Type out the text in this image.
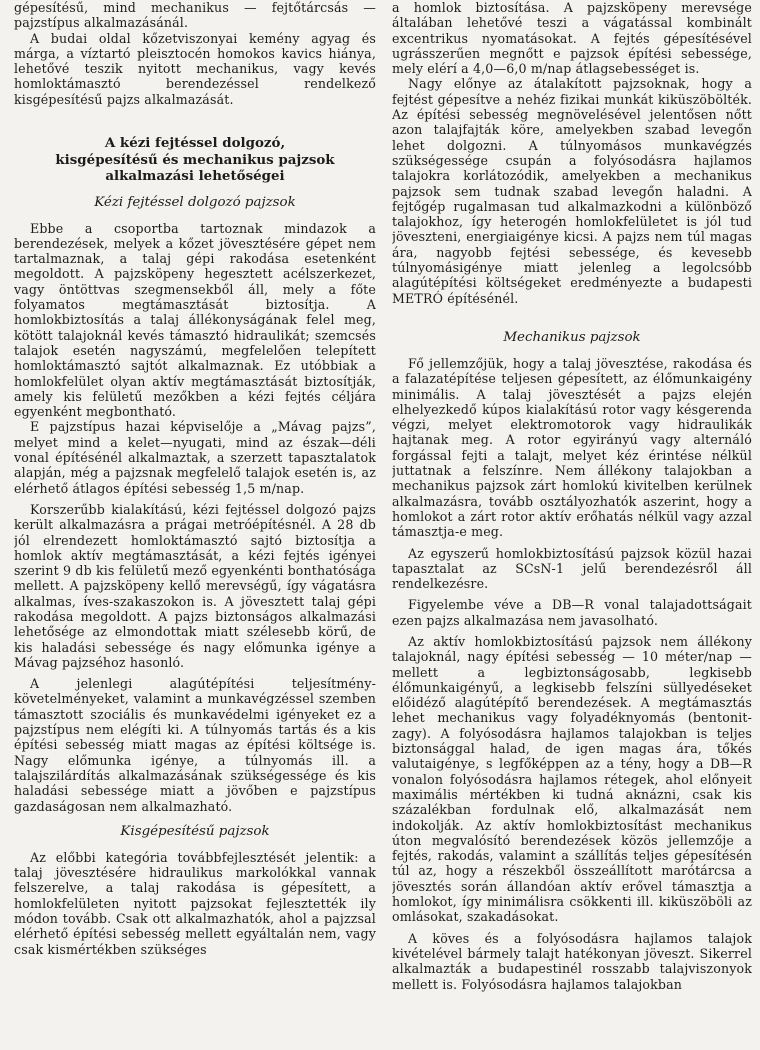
gépesítésű, mind mechanikus — fejtőtárcsás — pajzstípus alkalmazásánál.

A budai oldal kőzetviszonyai kemény agyag és márga, a víztartó pleisztocén homokos kavics hiánya, lehetővé teszik nyitott mechanikus, vagy kevés homloktámasztó berendezéssel rendelkező kisgépesítésű pajzs alkalmazását.

A kézi fejtéssel dolgozó,
kisgépesítésű és mechanikus pajzsok
alkalmazási lehetőségei
Kézi fejtéssel dolgozó pajzsok

Ebbe a csoportba tartoznak mindazok a berendezések, melyek a kőzet jövesztésére gépet nem tartalmaznak, a talaj gépi rakodása esetenként megoldott. A pajzsköpeny hegesztett acélszerkezet, vagy öntöttvas szegmensekből áll, mely a főte folyamatos megtámasztását biztosítja. A homlokbiztosítás a talaj állékonyságának felel meg, kötött talajoknál kevés támasztó hidraulikát; szemcsés talajok esetén nagyszámú, megfelelően telepített homloktámasztó sajtót alkalmaznak. Ez utóbbiak a homlokfelület olyan aktív megtámasztását biztosítják, amely kis felületű mezőkben a kézi fejtés céljára egyenként megbontható.

E pajzstípus hazai képviselője a „Mávag pajzs”, melyet mind a kelet—nyugati, mind az észak—déli vonal építésénél alkalmaztak, a szerzett tapasztalatok alapján, még a pajzsnak megfelelő talajok esetén is, az elérhető átlagos építési sebesség 1,5 m/nap.

Korszerűbb kialakítású, kézi fejtéssel dolgozó pajzs került alkalmazásra a prágai metróépítésnél. A 28 db jól elrendezett homloktámasztó sajtó biztosítja a homlok aktív megtámasztását, a kézi fejtés igényei szerint 9 db kis felületű mező egyenkénti bonthatósága mellett. A pajzsköpeny kellő merevségű, így vágatásra alkalmas, íves-szakaszokon is. A jövesztett talaj gépi rakodása megoldott. A pajzs biztonságos alkalmazási lehetősége az elmondottak miatt szélesebb körű, de kis haladási sebessége és nagy előmunka igénye a Mávag pajzséhoz hasonló.

A jelenlegi alagútépítési teljesítmény-követelményeket, valamint a munkavégzéssel szemben támasztott szociális és munkavédelmi igényeket ez a pajzstípus nem elégíti ki. A túlnyomás tartás és a kis építési sebesség miatt magas az építési költsége is. Nagy előmunka igénye, a túlnyomás ill. a talajszilárdítás alkalmazásának szükségessége és kis haladási sebessége miatt a jövőben e pajzstípus gazdaságosan nem alkalmazható.

Kisgépesítésű pajzsok

Az előbbi kategória továbbfejlesztését jelentik: a talaj jövesztésére hidraulikus markolókkal vannak felszerelve, a talaj rakodása is gépesített, a homlokfelületen nyitott pajzsokat fejlesztették ily módon tovább. Csak ott alkalmazhatók, ahol a pajzzsal elérhető építési sebesség mellett egyáltalán nem, vagy csak kismértékben szükséges

a homlok biztosítása. A pajzsköpeny merevsége általában lehetővé teszi a vágatással kombinált excentrikus nyomatásokat. A fejtés gépesítésével ugrásszerűen megnőtt e pajzsok építési sebessége, mely elérí a 4,0—6,0 m/nap átlagsebességet is.

Nagy előnye az átalakított pajzsoknak, hogy a fejtést gépesítve a nehéz fizikai munkát kiküszöbölték. Az építési sebesség megnövelésével jelentősen nőtt azon talajfajták köre, amelyekben szabad levegőn lehet dolgozni. A túlnyomásos munkavégzés szükségessége csupán a folyósodásra hajlamos talajokra korlátozódik, amelyekben a mechanikus pajzsok sem tudnak szabad levegőn haladni. A fejtőgép rugalmasan tud alkalmazkodni a különböző talajokhoz, így heterogén homlokfelületet is jól tud jöveszteni, energiaigénye kicsi. A pajzs nem túl magas ára, nagyobb fejtési sebessége, és kevesebb túlnyomásigénye miatt jelenleg a legolcsóbb alagútépítési költségeket eredményezte a budapesti METRÓ építésénél.

Mechanikus pajzsok

Fő jellemzőjük, hogy a talaj jövesztése, rakodása és a falazatépítése teljesen gépesített, az élőmunkaigény minimális. A talaj jövesztését a pajzs elején elhelyezkedő kúpos kialakítású rotor vagy késgerenda végzi, melyet elektromotorok vagy hidraulikák hajtanak meg. A rotor egyirányú vagy alternáló forgással fejti a talajt, melyet kéz érintése nélkül juttatnak a felszínre. Nem állékony talajokban a mechanikus pajzsok zárt homlokú kivitelben kerülnek alkalmazásra, tovább osztályozhatók aszerint, hogy a homlokot a zárt rotor aktív erőhatás nélkül vagy azzal támasztja-e meg.

Az egyszerű homlokbiztosítású pajzsok közül hazai tapasztalat az SCsN-1 jelű berendezésről áll rendelkezésre.

Figyelembe véve a DB—R vonal talajadottságait ezen pajzs alkalmazása nem javasolható.

Az aktív homlokbiztosítású pajzsok nem állékony talajoknál, nagy építési sebesség — 10 méter/nap — mellett a legbiztonságosabb, legkisebb élőmunkaigényű, a legkisebb felszíni süllyedéseket előidéző alagútépítő berendezések. A megtámasztás lehet mechanikus vagy folyadéknyomás (bentonit-zagy). A folyósodásra hajlamos talajokban is teljes biztonsággal halad, de igen magas ára, tőkés valutaigénye, s legfőképpen az a tény, hogy a DB—R vonalon folyósodásra hajlamos rétegek, ahol előnyeit maximális mértékben ki tudná aknázni, csak kis százalékban fordulnak elő, alkalmazását nem indokolják. Az aktív homlokbiztosítást mechanikus úton megvalósító berendezések közös jellemzője a fejtés, rakodás, valamint a szállítás teljes gépesítésén túl az, hogy a részekből összeállított marótárcsa a jövesztés során állandóan aktív erővel támasztja a homlokot, így minimálisra csökkenti ill. kiküszöböli az omlásokat, szakadásokat.

A köves és a folyósodásra hajlamos talajok kivételével bármely talajt hatékonyan jöveszt. Sikerrel alkalmazták a budapestinél rosszabb talajviszonyok mellett is. Folyósodásra hajlamos talajokban
